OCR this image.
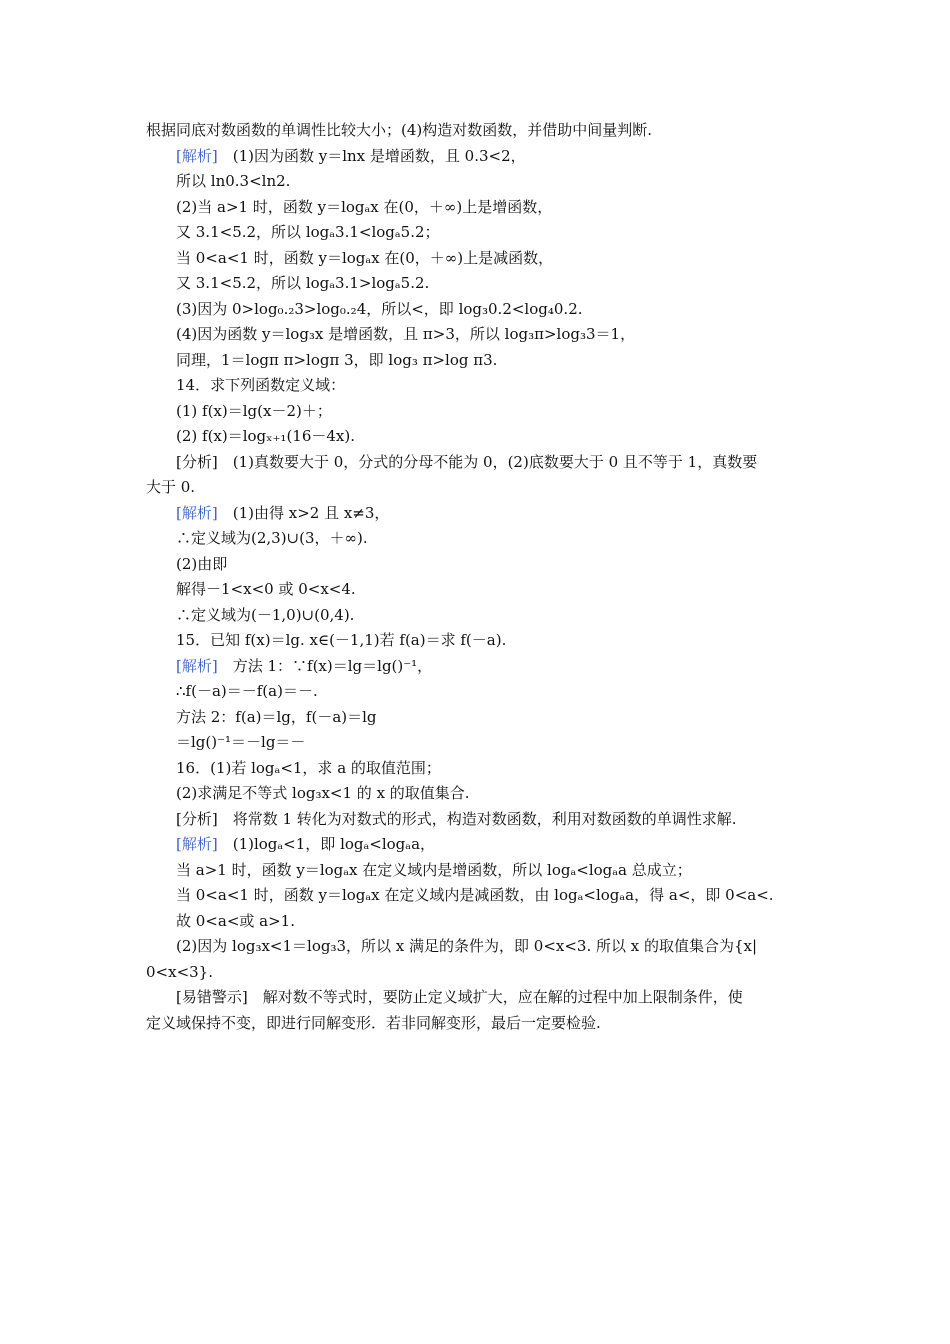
根据同底对数函数的单调性比较大小；(4)构造对数函数，并借助中间量判断.
[解析]　(1)因为函数 y＝lnx 是增函数，且 0.3<2，
所以 ln0.3<ln2.
(2)当 a>1 时，函数 y＝logₐx 在(0，＋∞)上是增函数，
又 3.1<5.2，所以 logₐ3.1<logₐ5.2；
当 0<a<1 时，函数 y＝logₐx 在(0，＋∞)上是减函数，
又 3.1<5.2，所以 logₐ3.1>logₐ5.2.
(3)因为 0>log₀.₂3>log₀.₂4，所以<，即 log₃0.2<log₄0.2.
(4)因为函数 y＝log₃x 是增函数，且 π>3，所以 log₃π>log₃3＝1，
同理，1＝logπ π>logπ 3，即 log₃ π>log π3.
14．求下列函数定义域：
(1) f(x)＝lg(x－2)＋；
(2) f(x)＝logₓ₊₁(16－4x).
[分析]　(1)真数要大于 0，分式的分母不能为 0，(2)底数要大于 0 且不等于 1，真数要
大于 0.
[解析]　(1)由得 x>2 且 x≠3，
∴定义域为(2,3)∪(3，＋∞).
(2)由即
解得－1<x<0 或 0<x<4.
∴定义域为(－1,0)∪(0,4).
15．已知 f(x)＝lg. x∈(－1,1)若 f(a)＝求 f(－a).
[解析]　方法 1：∵f(x)＝lg＝lg()⁻¹，
∴f(－a)＝－f(a)＝－.
方法 2：f(a)＝lg，f(－a)＝lg
＝lg()⁻¹＝－lg＝－
16．(1)若 logₐ<1，求 a 的取值范围；
(2)求满足不等式 log₃x<1 的 x 的取值集合.
[分析]　将常数 1 转化为对数式的形式，构造对数函数，利用对数函数的单调性求解.
[解析]　(1)logₐ<1，即 logₐ<logₐa，
当 a>1 时，函数 y＝logₐx 在定义域内是增函数，所以 logₐ<logₐa 总成立；
当 0<a<1 时，函数 y＝logₐx 在定义域内是减函数，由 logₐ<logₐa，得 a<，即 0<a<.
故 0<a<或 a>1.
(2)因为 log₃x<1＝log₃3，所以 x 满足的条件为，即 0<x<3. 所以 x 的取值集合为{x|
0<x<3}.
[易错警示]　解对数不等式时，要防止定义域扩大，应在解的过程中加上限制条件，使
定义域保持不变，即进行同解变形．若非同解变形，最后一定要检验.
